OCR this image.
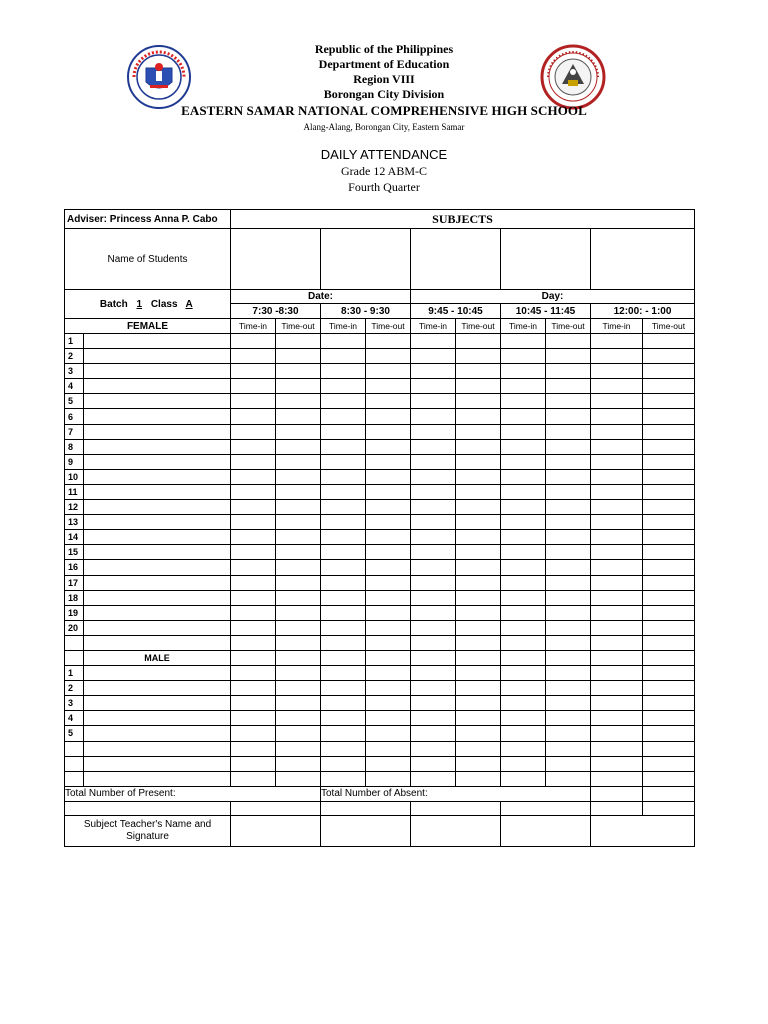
Republic of the Philippines
Department of Education
Region VIII
Borongan City Division
EASTERN SAMAR NATIONAL COMPREHENSIVE HIGH SCHOOL
Alang-Alang, Borongan City, Eastern Samar
DAILY ATTENDANCE
Grade 12 ABM-C
Fourth Quarter
Adviser: Princess Anna P. Cabo		SUBJECTS									
Name of Students											
Batch 1 Class A		Date:				Day:					
		7:30 -8:30		8:30 - 9:30		9:45 - 10:45		10:45 - 11:45		12:00: - 1:00	
FEMALE		Time-in	Time-out	Time-in	Time-out	Time-in	Time-out	Time-in	Time-out	Time-in	Time-out
1											
2											
3											
4											
5											
6											
7											
8											
9											
10											
11											
12											
13											
14											
15											
16											
17											
18											
19											
20											

	MALE										
1											
2											
3											
4											
5											

Total Number of Present:				Total Number of Absent:							

Subject Teacher's Name and Signature											
